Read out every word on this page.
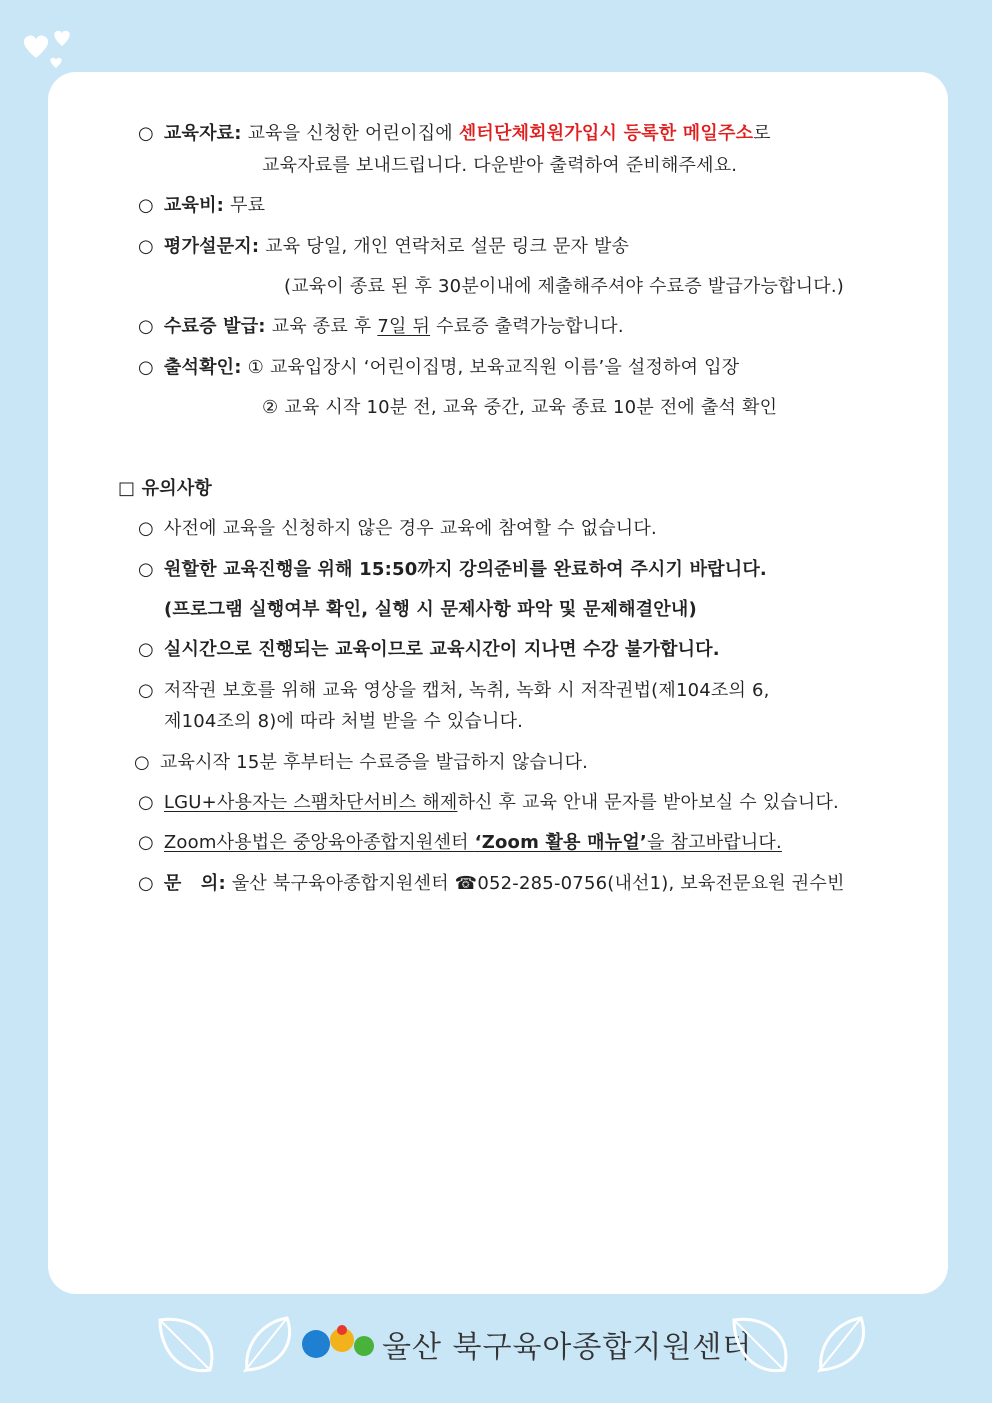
○ 교육자료: 교육을 신청한 어린이집에 센터단체회원가입시 등록한 메일주소로
교육자료를 보내드립니다. 다운받아 출력하여 준비해주세요.
○ 교육비: 무료
○ 평가설문지: 교육 당일, 개인 연락처로 설문 링크 문자 발송
(교육이 종료 된 후 30분이내에 제출해주셔야 수료증 발급가능합니다.)
○ 수료증 발급: 교육 종료 후 7일 뒤 수료증 출력가능합니다.
○ 출석확인: ① 교육입장시 ‘어린이집명, 보육교직원 이름’을 설정하여 입장
② 교육 시작 10분 전, 교육 중간, 교육 종료 10분 전에 출석 확인
□ 유의사항
○ 사전에 교육을 신청하지 않은 경우 교육에 참여할 수 없습니다.
○ 원할한 교육진행을 위해 15:50까지 강의준비를 완료하여 주시기 바랍니다.
(프로그램 실행여부 확인, 실행 시 문제사항 파악 및 문제해결안내)
○ 실시간으로 진행되는 교육이므로 교육시간이 지나면 수강 불가합니다.
○ 저작권 보호를 위해 교육 영상을 캡처, 녹취, 녹화 시 저작권법(제104조의 6,
제104조의 8)에 따라 처벌 받을 수 있습니다.
○ 교육시작 15분 후부터는 수료증을 발급하지 않습니다.
○ LGU+사용자는 스팸차단서비스 해제하신 후 교육 안내 문자를 받아보실 수 있습니다.
○ Zoom사용법은 중앙육아종합지원센터 ‘Zoom 활용 매뉴얼’을 참고바랍니다.
○ 문   의: 울산 북구육아종합지원센터 ☎052-285-0756(내선1), 보육전문요원 권수빈
울산 북구육아종합지원센터
